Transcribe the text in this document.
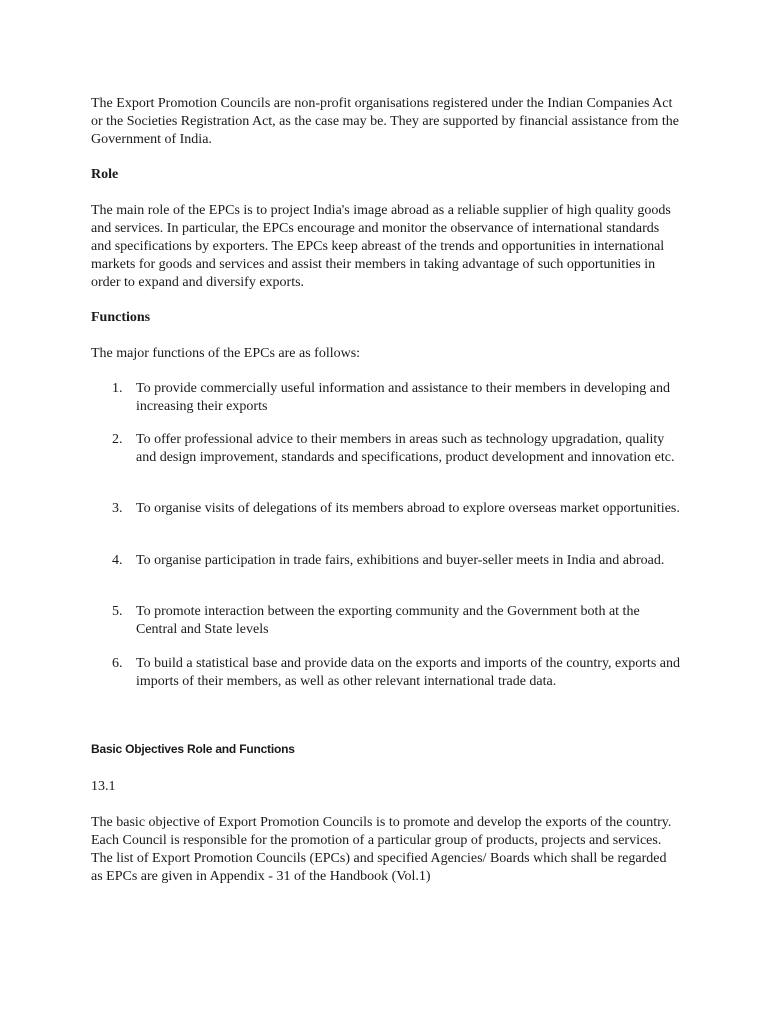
The Export Promotion Councils are non-profit organisations registered under the Indian Companies Act or the Societies Registration Act, as the case may be. They are supported by financial assistance from the Government of India.

Role

The main role of the EPCs is to project India's image abroad as a reliable supplier of high quality goods and services. In particular, the EPCs encourage and monitor the observance of international standards and specifications by exporters. The EPCs keep abreast of the trends and opportunities in international markets for goods and services and assist their members in taking advantage of such opportunities in order to expand and diversify exports.

Functions

The major functions of the EPCs are as follows:

1. To provide commercially useful information and assistance to their members in developing and increasing their exports
2. To offer professional advice to their members in areas such as technology upgradation, quality and design improvement, standards and specifications, product development and innovation etc.
3. To organise visits of delegations of its members abroad to explore overseas market opportunities.
4. To organise participation in trade fairs, exhibitions and buyer-seller meets in India and abroad.
5. To promote interaction between the exporting community and the Government both at the Central and State levels
6. To build a statistical base and provide data on the exports and imports of the country, exports and imports of their members, as well as other relevant international trade data.
Basic Objectives Role and Functions

13.1

The basic objective of Export Promotion Councils is to promote and develop the exports of the country. Each Council is responsible for the promotion of a particular group of products, projects and services. The list of Export Promotion Councils (EPCs) and specified Agencies/ Boards which shall be regarded as EPCs are given in Appendix - 31 of the Handbook (Vol.1)
